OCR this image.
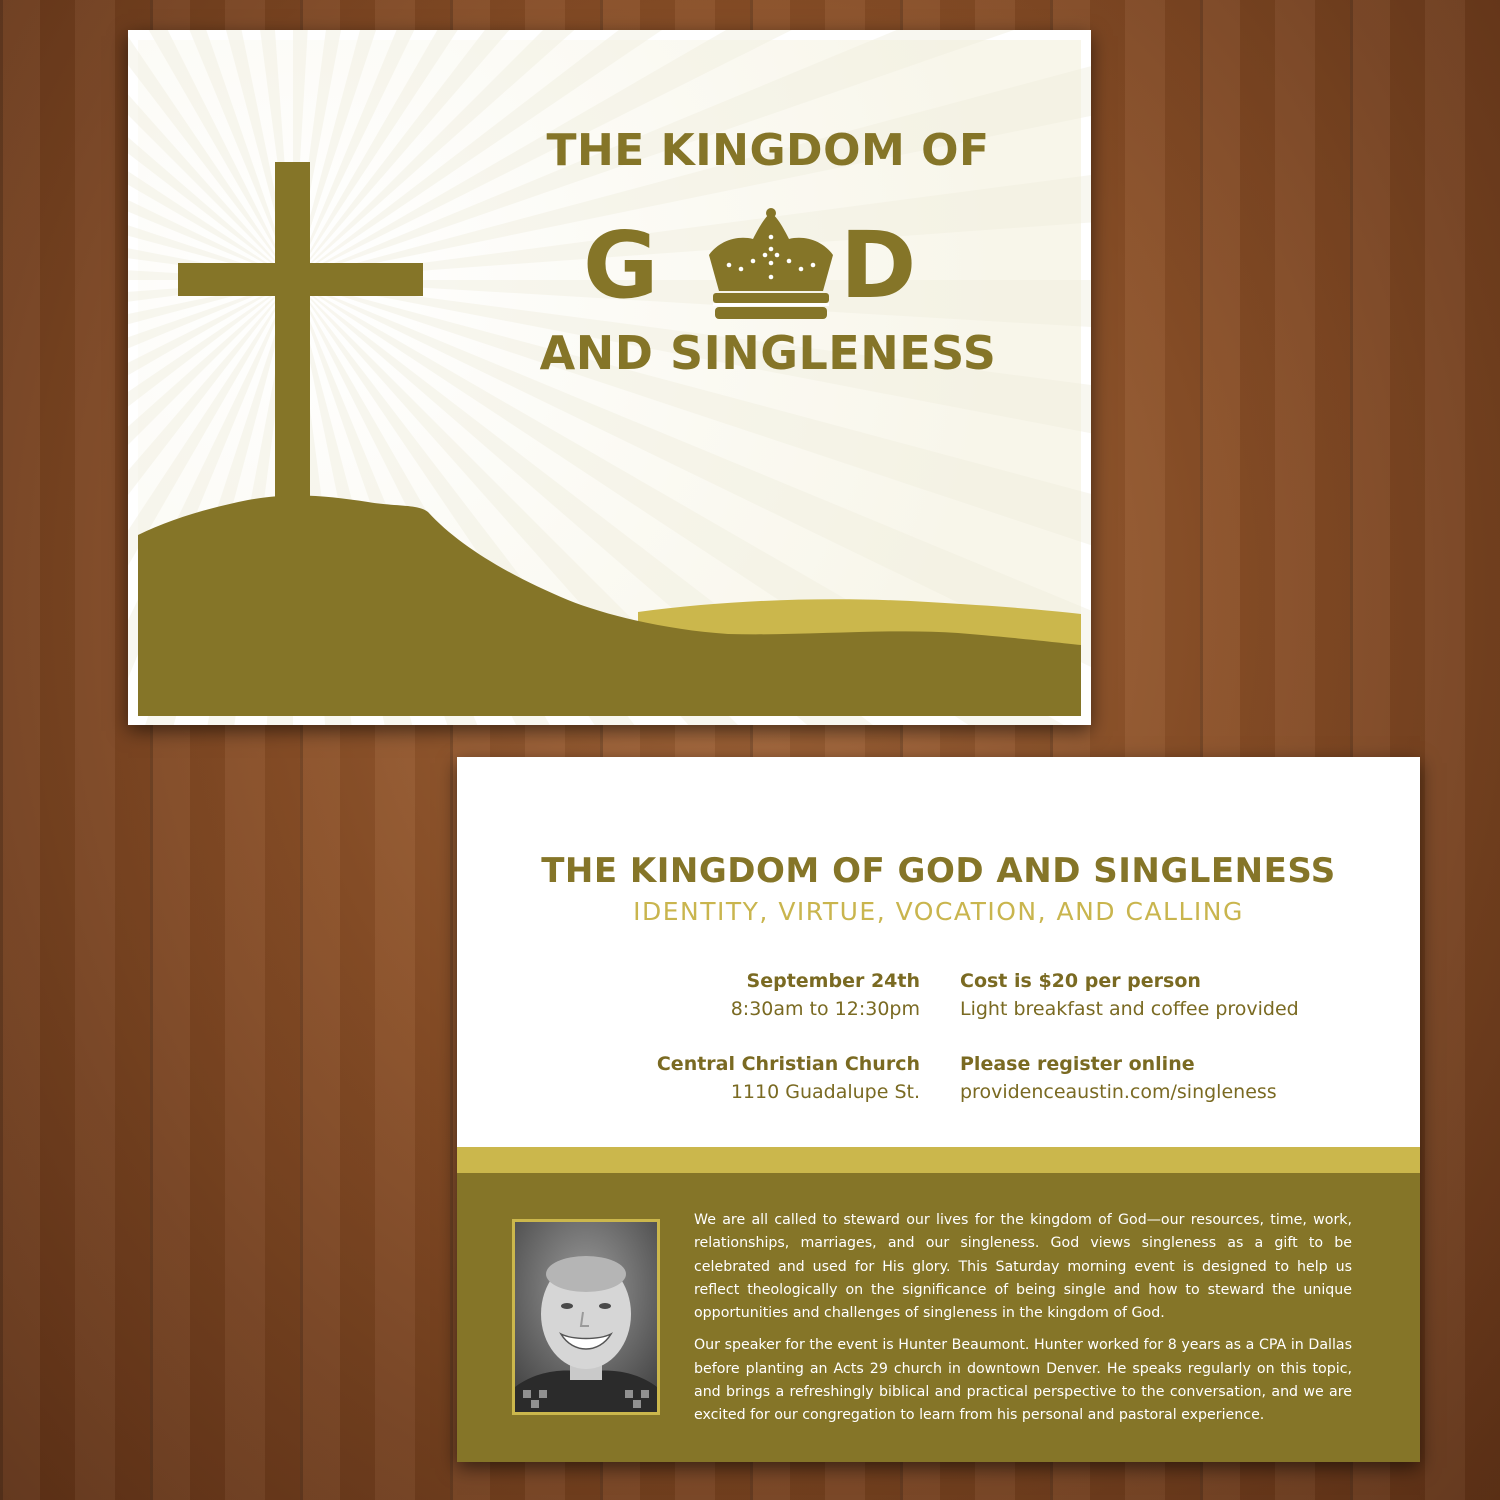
THE KINGDOM OF
G D
AND SINGLENESS
THE KINGDOM OF GOD AND SINGLENESS
IDENTITY, VIRTUE, VOCATION, AND CALLING
September 24th
8:30am to 12:30pm
Central Christian Church
1110 Guadalupe St.
Cost is $20 per person
Light breakfast and coffee provided
Please register online
providenceaustin.com/singleness

We are all called to steward our lives for the kingdom of God—our resources, time, work, relationships, marriages, and our singleness. God views singleness as a gift to be celebrated and used for His glory. This Saturday morning event is designed to help us reflect theologically on the significance of being single and how to steward the unique opportunities and challenges of singleness in the kingdom of God.

Our speaker for the event is Hunter Beaumont. Hunter worked for 8 years as a CPA in Dallas before planting an Acts 29 church in downtown Denver. He speaks regularly on this topic, and brings a refreshingly biblical and practical perspective to the conversation, and we are excited for our congregation to learn from his personal and pastoral experience.
